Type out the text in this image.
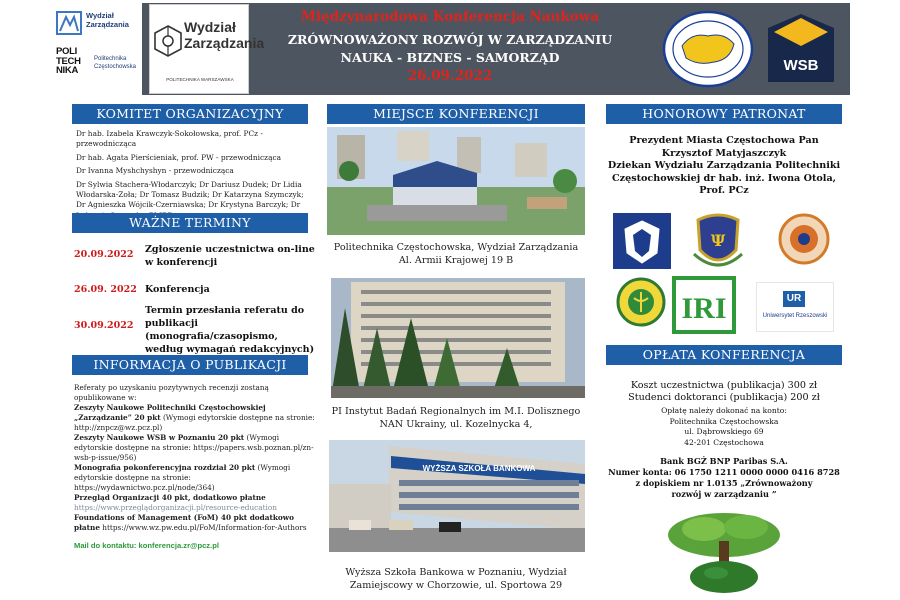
Wydział
Zarządzania
POLI
TECH
NIKA
Politechnika
Częstochowska
Wydział
Zarządzania
POLITECHNIKA WARSZAWSKA
Międzynarodowa Konferencja Naukowa
ZRÓWNOWAŻONY ROZWÓJ W ZARZĄDZANIU
NAUKA - BIZNES - SAMORZĄD
26.09.2022
WSB
KOMITET ORGANIZACYJNY
Dr hab. Izabela Krawczyk-Sokołowska, prof. PCz -przewodnicząca
Dr hab. Agata Pierścieniak, prof. PW - przewodnicząca
Dr Ivanna Myshchyshyn - przewodnicząca
Dr Sylwia Stachera-Włodarczyk; Dr Dariusz Dudek; Dr Lidia Włodarska-Zoła; Dr Tomasz Budzik; Dr Katarzyna Szymczyk; Dr Agnieszka Wójcik-Czerniawska; Dr Krystyna Barczyk; Dr
WAŻNE TERMINY
20.09.2022	Zgłoszenie uczestnictwa on-line w konferencji
26.09. 2022 Konferencja
30.09.2022
Termin przesłania referatu do publikacji (monografia/czasopismo, według wymagań redakcyjnych)
INFORMACJA O PUBLIKACJI
Referaty po uzyskaniu pozytywnych recenzji zostaną opublikowane w:
Zeszyty Naukowe Politechniki Częstochowskiej „Zarządzanie” 20 pkt (Wymogi edytorskie dostępne na stronie: http://znpcz@wz.pcz.pl)
Zeszyty Naukowe WSB w Poznaniu 20 pkt (Wymogi edytorskie dostępne na stronie: https://papers.wsb.poznan.pl/zn-wsb-p-issue/956)
Monografia pokonferencyjna rozdział 20 pkt (Wymogi edytorskie dostępne na stronie: https://wydawnictwo.pcz.pl/node/364)
Przegląd Organizacji 40 pkt, dodatkowo płatne https://www.przeglądorganizacji.pl/resource-education
Foundations of Management (FoM) 40 pkt dodatkowo płatne https://www.wz.pw.edu.pl/FoM/Information-for-Authors
Mail do kontaktu: konferencja.zr@pcz.pl
MIEJSCE KONFERENCJI
Politechnika Częstochowska, Wydział Zarządzania
Al. Armii Krajowej 19 B
PI Instytut Badań Regionalnych im M.I. Dolisznego
NAN Ukrainy, ul. Kozelnycka 4,
WYŻSZA SZKOŁA BANKOWA
Wyższa Szkoła Bankowa w Poznaniu, Wydział
Zamiejscowy w Chorzowie, ul. Sportowa 29
HONOROWY PATRONAT
Prezydent Miasta Częstochowa Pan Krzysztof Matyjaszczyk
Dziekan Wydziału Zarządzania Politechniki Częstochowskiej dr hab. inż. Iwona Otola, Prof. PCz
Ψ
IRI	UR
Uniwersytet Rzeszowski
OPŁATA KONFERENCJA
Koszt uczestnictwa (publikacja) 300 zł
Studenci doktoranci (publikacja) 200 zł
Opłatę należy dokonać na konto:
Politechnika Częstochowska
ul. Dąbrowskiego 69
42-201 Częstochowa
Bank BGŻ BNP Paribas S.A.
Numer konta: 06 1750 1211 0000 0000 0416 8728
z dopiskiem nr 1.0135 „Zrównoważony rozwój w zarządzaniu ”
